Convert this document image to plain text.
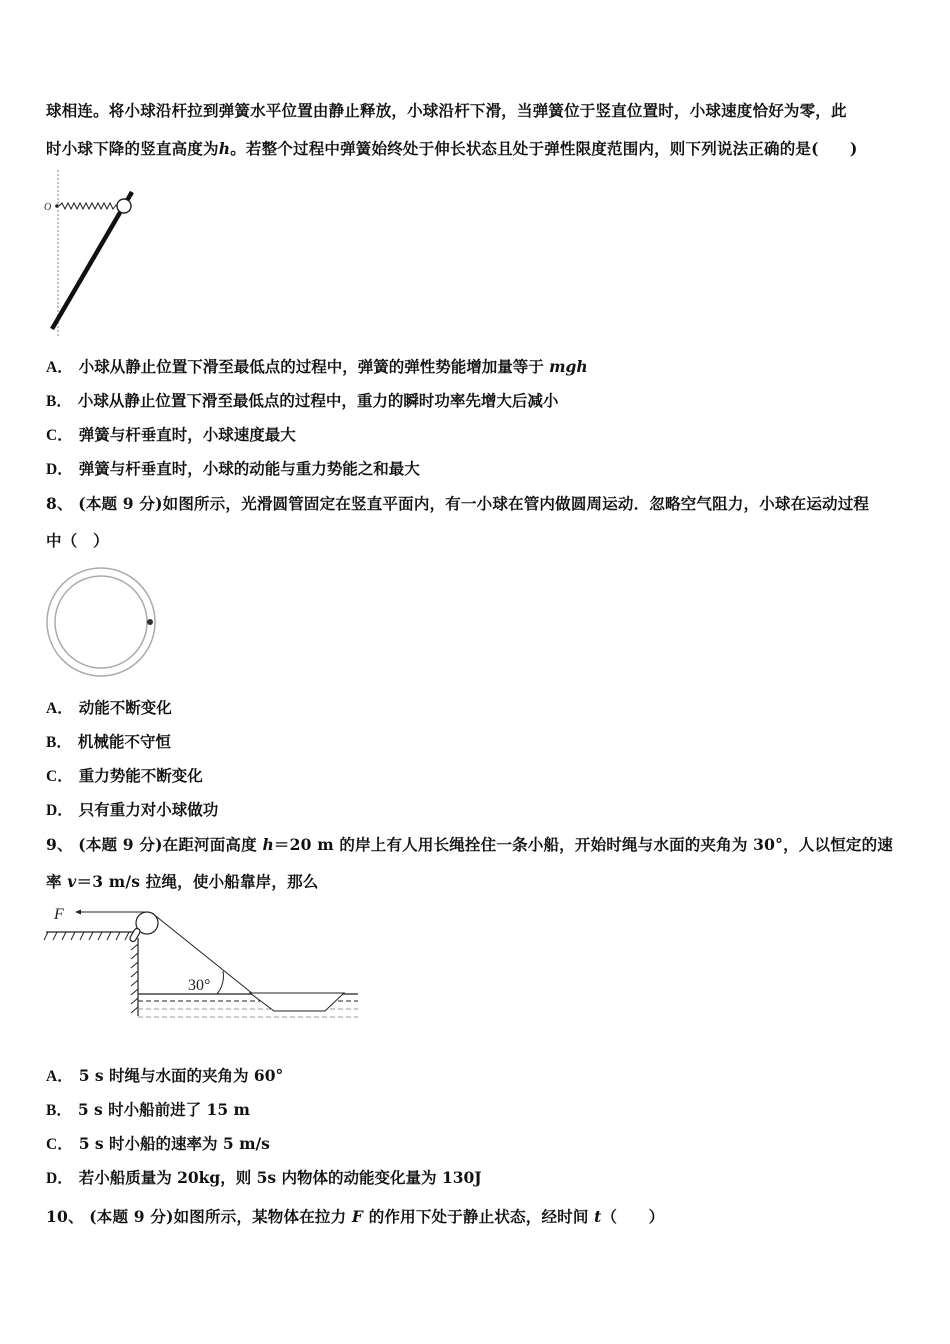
球相连。将小球沿杆拉到弹簧水平位置由静止释放，小球沿杆下滑，当弹簧位于竖直位置时，小球速度恰好为零，此
时小球下降的竖直高度为h。若整个过程中弹簧始终处于伸长状态且处于弹性限度范围内，则下列说法正确的是(　　)
O
A． 小球从静止位置下滑至最低点的过程中，弹簧的弹性势能增加量等于 mgh
B． 小球从静止位置下滑至最低点的过程中，重力的瞬时功率先增大后减小
C． 弹簧与杆垂直时，小球速度最大
D． 弹簧与杆垂直时，小球的动能与重力势能之和最大
8、 (本题 9 分)如图所示，光滑圆管固定在竖直平面内，有一小球在管内做圆周运动．忽略空气阻力，小球在运动过程
中（　）
A． 动能不断变化
B． 机械能不守恒
C． 重力势能不断变化
D． 只有重力对小球做功
9、 (本题 9 分)在距河面高度 h＝20 m 的岸上有人用长绳拴住一条小船，开始时绳与水面的夹角为 30°，人以恒定的速
率 v＝3 m/s 拉绳，使小船靠岸，那么
F
30°
A． 5 s 时绳与水面的夹角为 60°
B． 5 s 时小船前进了 15 m
C． 5 s 时小船的速率为 5 m/s
D． 若小船质量为 20kg，则 5s 内物体的动能变化量为 130J
10、 (本题 9 分)如图所示，某物体在拉力 F 的作用下处于静止状态，经时间 t（　　）
